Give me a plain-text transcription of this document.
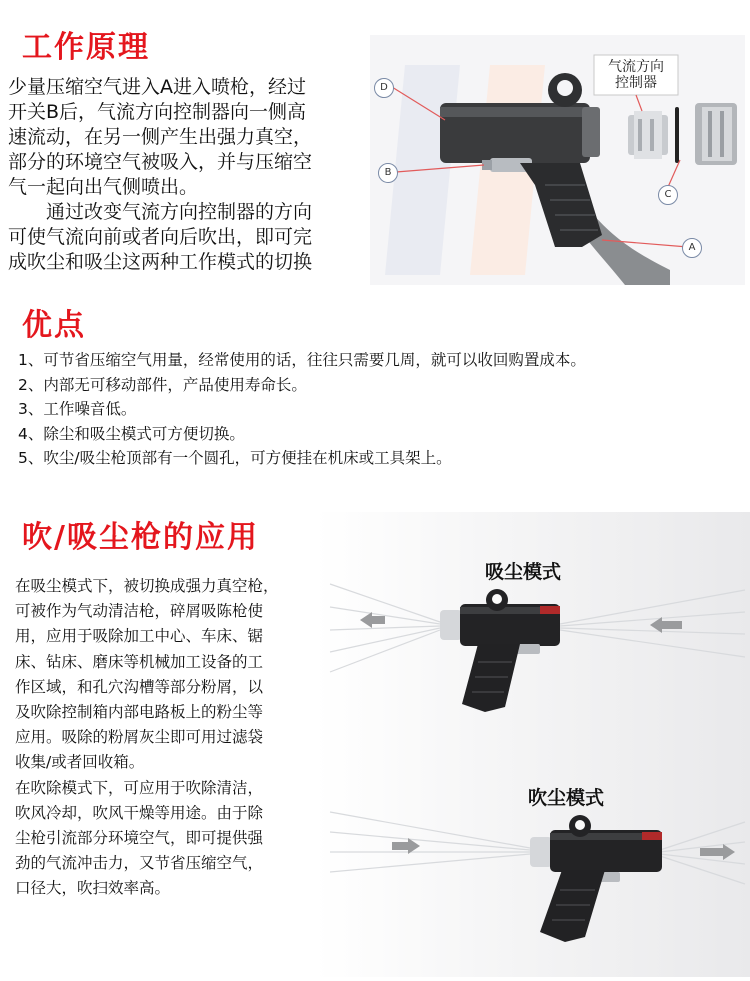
工作原理
少量压缩空气进入A进入喷枪，经过
开关B后，气流方向控制器向一侧高
速流动，在另一侧产生出强力真空，
部分的环境空气被吸入，并与压缩空
气一起向出气侧喷出。
　　通过改变气流方向控制器的方向
可使气流向前或者向后吹出，即可完
成吹尘和吸尘这两种工作模式的切换
气流方向
控制器
D
B
C
A
优点
1、可节省压缩空气用量，经常使用的话，往往只需要几周，就可以收回购置成本。
2、内部无可移动部件，产品使用寿命长。
3、工作噪音低。
4、除尘和吸尘模式可方便切换。
5、吹尘/吸尘枪顶部有一个圆孔，可方便挂在机床或工具架上。
吹/吸尘枪的应用
吸尘模式
吹尘模式
在吸尘模式下，被切换成强力真空枪，
可被作为气动清洁枪，碎屑吸陈枪使
用，应用于吸除加工中心、车床、锯
床、钻床、磨床等机械加工设备的工
作区域，和孔穴沟槽等部分粉屑，以
及吹除控制箱内部电路板上的粉尘等
应用。吸除的粉屑灰尘即可用过滤袋
收集/或者回收箱。
在吹除模式下，可应用于吹除清洁，
吹风冷却，吹风干燥等用途。由于除
尘枪引流部分环境空气，即可提供强
劲的气流冲击力，又节省压缩空气，
口径大，吹扫效率高。
